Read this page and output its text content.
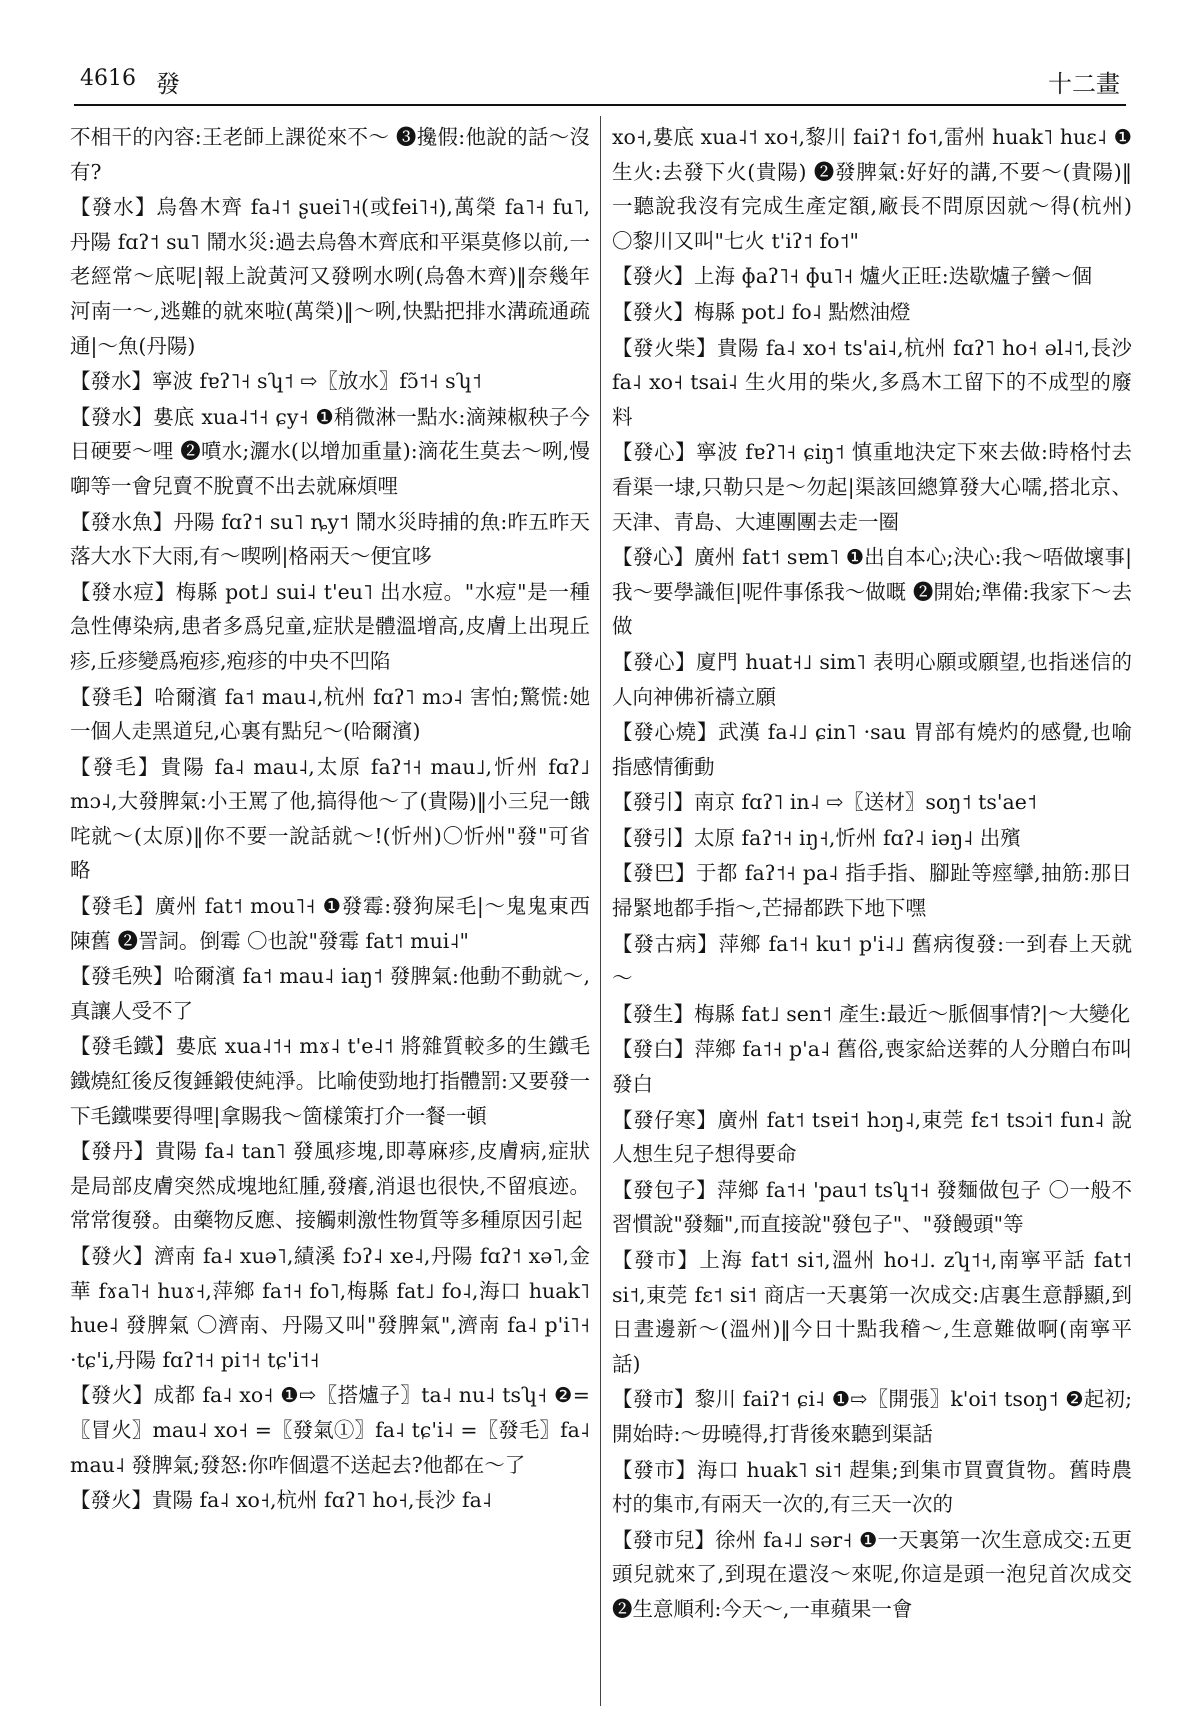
4616 發	十二畫

不相干的內容:王老師上課從來不～ ❸攙假:他說的話～沒有?

【發水】烏魯木齊 fa˨˦ ʂuei˥˧(或fei˥˧),萬榮 fa˥˧ fu˥,丹陽 fɑʔ˦ su˥ 鬧水災:過去烏魯木齊底和平渠莫修以前,一老經常～底呢|報上說黃河又發咧水咧(烏魯木齊)‖奈幾年河南一～,逃難的就來啦(萬榮)‖～咧,快點把排水溝疏通疏通|～魚(丹陽)

【發水】寧波 fɐʔ˥˧ sʮ˦ ⇨〖放水〗fɔ̃˦˧ sʮ˦

【發水】婁底 xua˨˦˧ ɕy˧ ❶稍微淋一點水:滴辣椒秧子今日硬要～哩 ❷噴水;灑水(以增加重量):滴花生莫去～咧,慢啣等一會兒賣不脫賣不出去就麻煩哩

【發水魚】丹陽 fɑʔ˦ su˥ ȵy˦ 鬧水災時捕的魚:昨五昨天落大水下大雨,有～喫咧|格兩天～便宜哆

【發水痘】梅縣 pot˩ sui˨ t'eu˥ 出水痘。"水痘"是一種急性傳染病,患者多爲兒童,症狀是體溫增高,皮膚上出現丘疹,丘疹變爲疱疹,疱疹的中央不凹陷

【發毛】哈爾濱 fa˦ mau˨,杭州 fɑʔ˥ mɔ˨ 害怕;驚慌:她一個人走黑道兒,心裏有點兒～(哈爾濱)

【發毛】貴陽 fa˨ mau˨,太原 faʔ˦˧ mau˩,忻州 fɑʔ˩ mɔ˨,大發脾氣:小王罵了他,搞得他～了(貴陽)‖小三兒一餓咤就～(太原)‖你不要一說話就～!(忻州)〇忻州"發"可省略

【發毛】廣州 fat˦ mou˥˧ ❶發霉:發狗屎毛|～鬼鬼東西陳舊 ❷詈詞。倒霉 〇也說"發霉 fat˦ mui˨"

【發毛殃】哈爾濱 fa˦ mau˨ iaŋ˦ 發脾氣:他動不動就～,真讓人受不了

【發毛鐵】婁底 xua˨˦˧ mɤ˨ t'e˨˦ 將雜質較多的生鐵毛鐵燒紅後反復錘鍛使純淨。比喻使勁地打指體罰:又要發一下毛鐵喋要得哩|拿賜我～箇樣策打介一餐一頓

【發丹】貴陽 fa˨ tan˥ 發風疹塊,即蕁麻疹,皮膚病,症狀是局部皮膚突然成塊地紅腫,發癢,消退也很快,不留痕迹。常常復發。由藥物反應、接觸刺激性物質等多種原因引起

【發火】濟南 fa˨ xuə˥,績溪 fɔʔ˨ xe˨,丹陽 fɑʔ˦ xə˥,金華 fɤa˥˧ huɤ˧,萍鄉 fa˦˧ fo˥,梅縣 fat˩ fo˨,海口 huak˥ hue˨ 發脾氣 〇濟南、丹陽又叫"發脾氣",濟南 fa˨ p'i˥˧ ·tɕ'i,丹陽 fɑʔ˦˧ pi˦˧ tɕ'i˦˧

【發火】成都 fa˨ xo˧ ❶⇨〖搭爐子〗ta˨ nu˨ tsʮ˧ ❷=〖冒火〗mau˨ xo˧ =〖發氣①〗fa˨ tɕ'i˨ =〖發毛〗fa˨ mau˨ 發脾氣;發怒:你咋個還不送起去?他都在～了

【發火】貴陽 fa˨ xo˧,杭州 fɑʔ˥ ho˧,長沙 fa˨

xo˧,婁底 xua˨˦ xo˧,黎川 faiʔ˦ fo˦,雷州 huak˥ huɛ˨ ❶生火:去發下火(貴陽) ❷發脾氣:好好的講,不要～(貴陽)‖一聽說我沒有完成生產定額,廠長不問原因就～得(杭州) 〇黎川又叫"七火 t'iʔ˦ fo˦"

【發火】上海 ɸaʔ˥˧ ɸu˥˧ 爐火正旺:迭歇爐子蠻～個

【發火】梅縣 pot˩ fo˨ 點燃油燈

【發火柴】貴陽 fa˨ xo˧ ts'ai˨,杭州 fɑʔ˥ ho˧ əl˨˦,長沙 fa˨ xo˧ tsai˨ 生火用的柴火,多爲木工留下的不成型的廢料

【發心】寧波 fɐʔ˥˧ ɕiŋ˦ 慎重地決定下來去做:時格忖去看渠一埭,只勒只是～勿起|渠該回總算發大心嚅,搭北京、天津、青島、大連團團去走一圈

【發心】廣州 fat˦ sɐm˥ ❶出自本心;決心:我～唔做壞事|我～要學識佢|呢件事係我～做嘅 ❷開始;準備:我家下～去做

【發心】廈門 huat˧˩ sim˥ 表明心願或願望,也指迷信的人向神佛祈禱立願

【發心燒】武漢 fa˨˩ ɕin˥ ·sau 胃部有燒灼的感覺,也喻指感情衝動

【發引】南京 fɑʔ˥ in˨ ⇨〖送材〗soŋ˦ ts'ae˦

【發引】太原 faʔ˦˧ iŋ˧,忻州 fɑʔ˨ iəŋ˨ 出殯

【發巴】于都 faʔ˦˧ pa˨ 指手指、腳趾等痙攣,抽筋:那日掃緊地都手指～,芒掃都跌下地下嘿

【發古病】萍鄉 fa˦˧ ku˦ p'i˨˩ 舊病復發:一到春上天就～

【發生】梅縣 fat˩ sen˦ 產生:最近～脈個事情?|～大變化

【發白】萍鄉 fa˦˧ p'a˨ 舊俗,喪家給送葬的人分贈白布叫發白

【發仔寒】廣州 fat˦ tsɐi˦ hɔŋ˨,東莞 fɛ˦ tsɔi˦ fun˨ 說人想生兒子想得要命

【發包子】萍鄉 fa˦˧ 'pau˦ tsʮ˦˧ 發麵做包子 〇一般不習慣說"發麵",而直接說"發包子"、"發饅頭"等

【發市】上海 fat˦ si˦,溫州 ho˧˩. zʮ˦˧,南寧平話 fat˦ si˦,東莞 fɛ˦ si˦ 商店一天裏第一次成交:店裏生意靜顯,到日晝邊新～(溫州)‖今日十點我稽～,生意難做啊(南寧平話)

【發市】黎川 faiʔ˦ ɕi˨ ❶⇨〖開張〗k'oi˦ tsoŋ˦ ❷起初;開始時:～毋曉得,打背後來聽到渠話

【發市】海口 huak˥ si˦ 趕集;到集市買賣貨物。舊時農村的集市,有兩天一次的,有三天一次的

【發市兒】徐州 fa˨˩ sər˧ ❶一天裏第一次生意成交:五更頭兒就來了,到現在還沒～來呢,你這是頭一泡兒首次成交 ❷生意順利:今天～,一車蘋果一會
